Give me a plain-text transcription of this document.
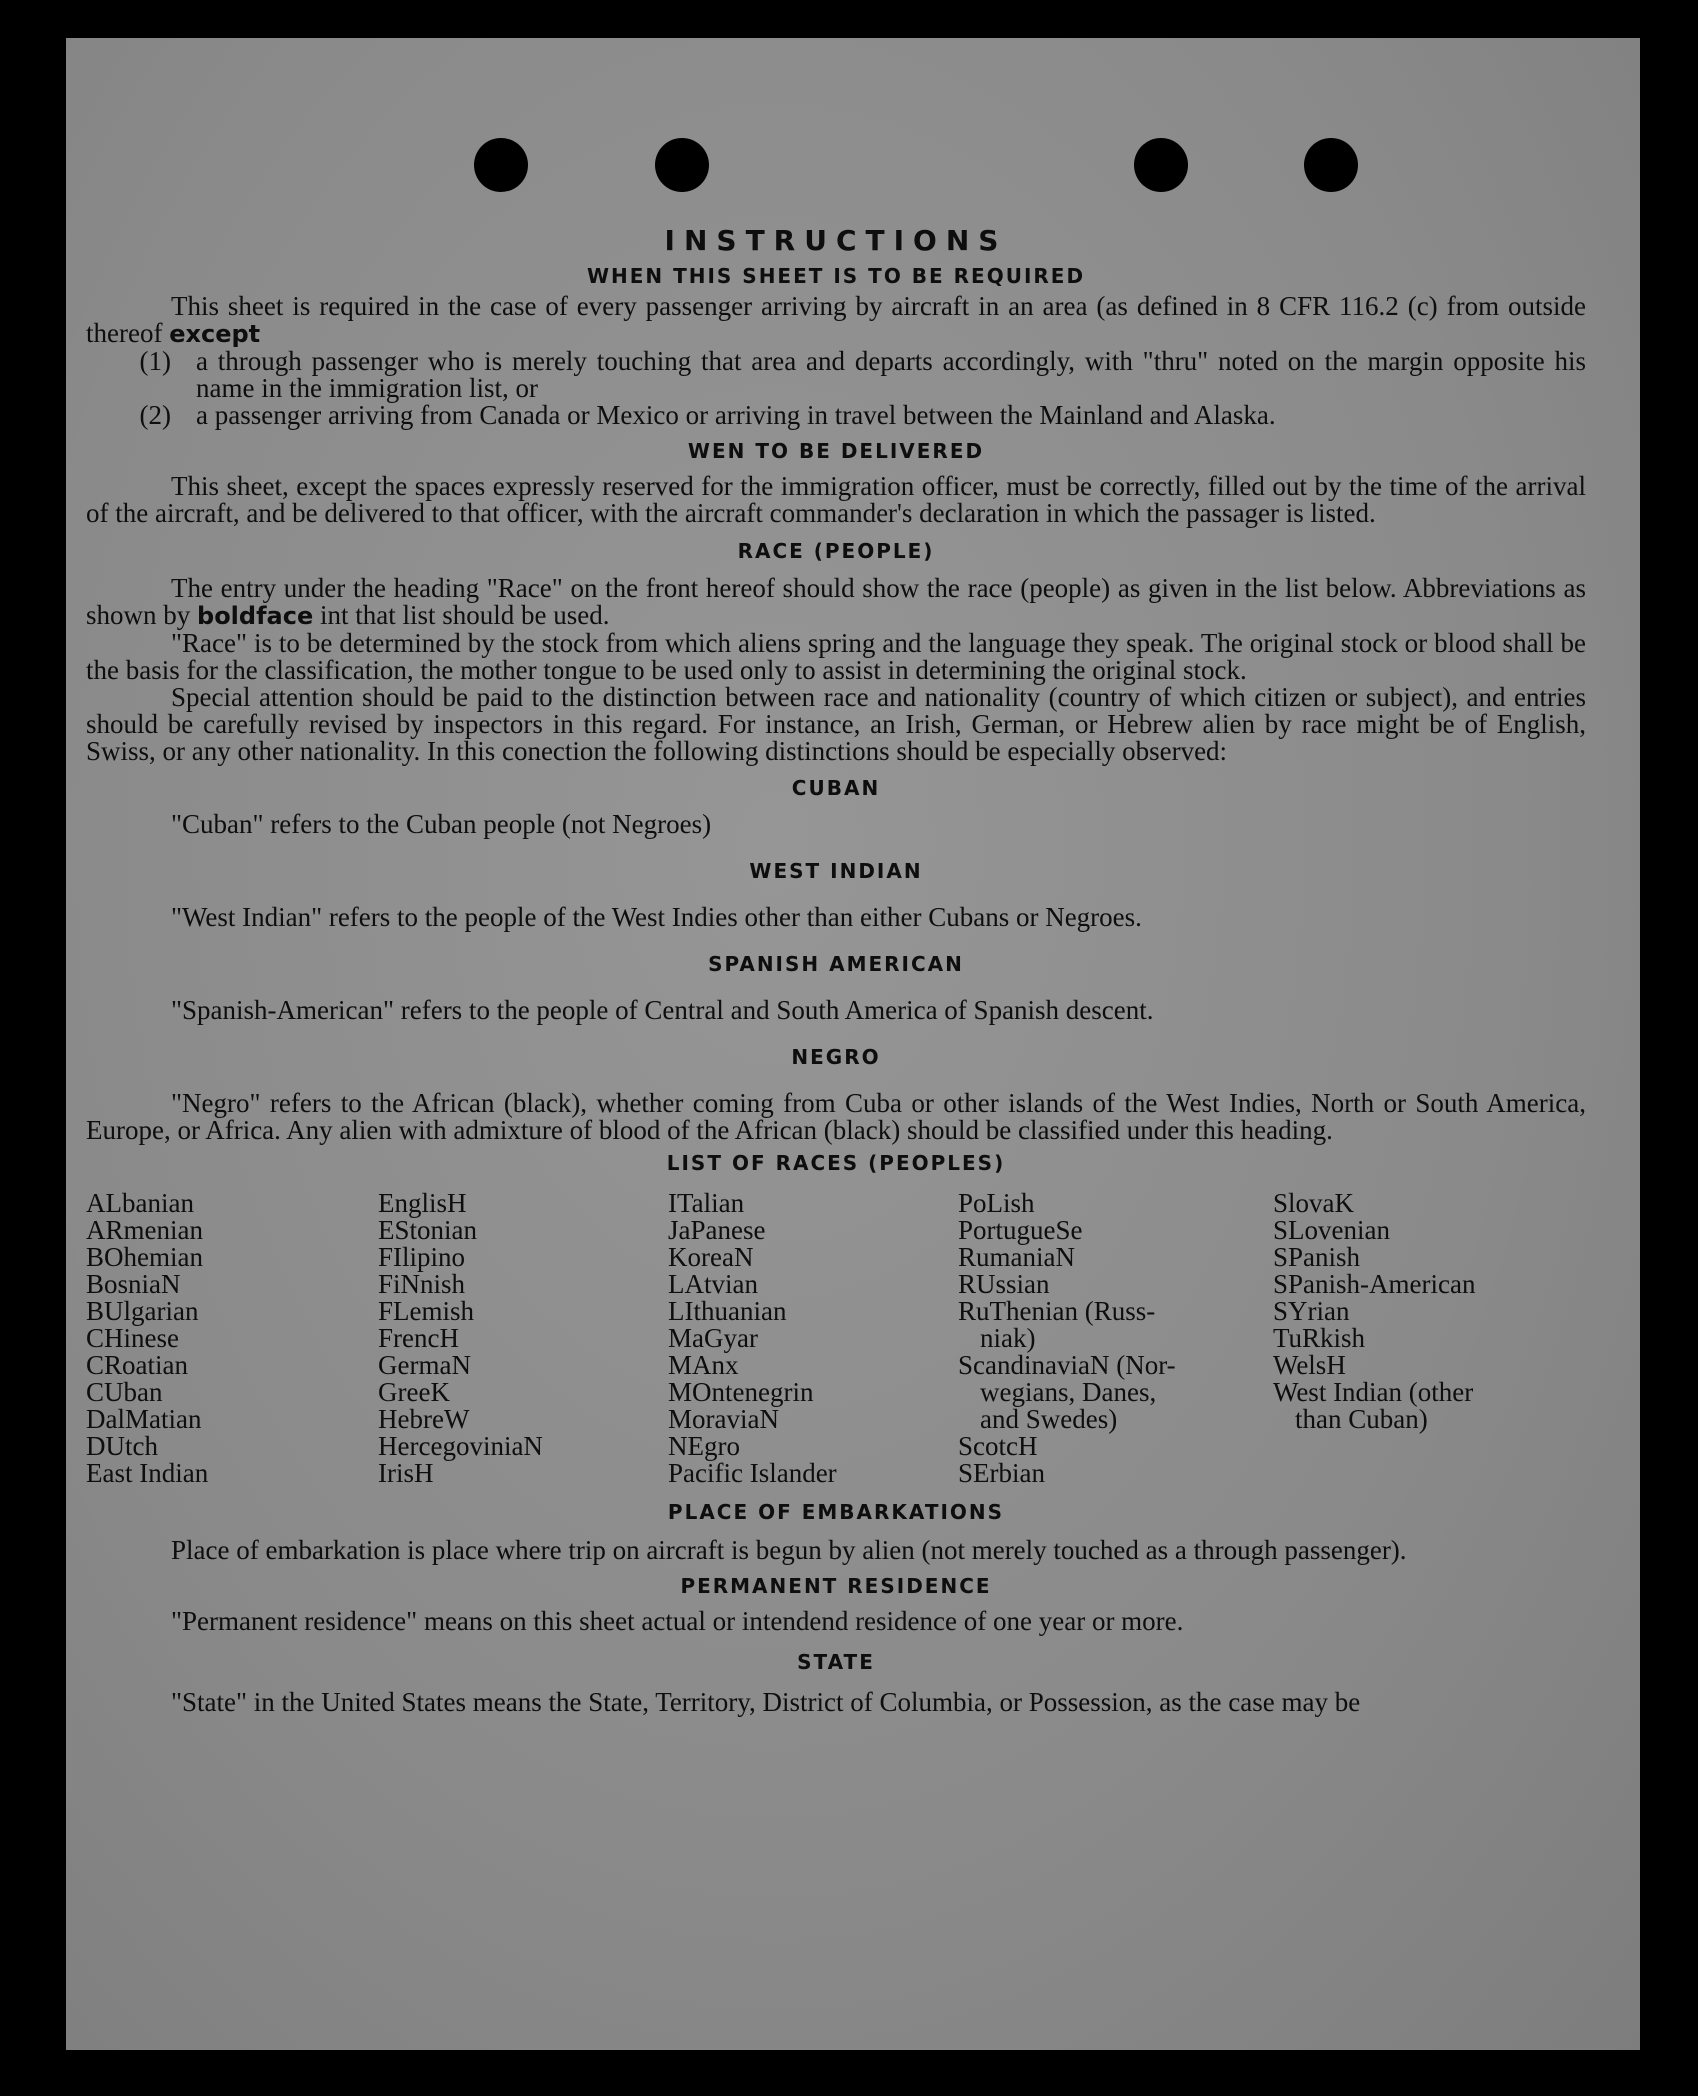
INSTRUCTIONS
WHEN THIS SHEET IS TO BE REQUIRED

This sheet is required in the case of every passenger arriving by aircraft in an area (as defined in 8 CFR 116.2 (c) from outside thereof except

(1) a through passenger who is merely touching that area and departs accordingly, with "thru" noted on the margin opposite his name in the immigration list, or
(2) a passenger arriving from Canada or Mexico or arriving in travel between the Mainland and Alaska.
WEN TO BE DELIVERED

This sheet, except the spaces expressly reserved for the immigration officer, must be correctly, filled out by the time of the arrival of the aircraft, and be delivered to that officer, with the aircraft commander's declaration in which the passager is listed.

RACE (PEOPLE)

The entry under the heading "Race" on the front hereof should show the race (people) as given in the list below. Abbreviations as shown by boldface int that list should be used.

"Race" is to be determined by the stock from which aliens spring and the language they speak. The original stock or blood shall be the basis for the classification, the mother tongue to be used only to assist in determining the original stock.

Special attention should be paid to the distinction between race and nationality (country of which citizen or subject), and entries should be carefully revised by inspectors in this regard. For instance, an Irish, German, or Hebrew alien by race might be of English, Swiss, or any other nationality. In this conection the following distinctions should be especially observed:

CUBAN

"Cuban" refers to the Cuban people (not Negroes)

WEST INDIAN

"West Indian" refers to the people of the West Indies other than either Cubans or Negroes.

SPANISH AMERICAN

"Spanish-American" refers to the people of Central and South America of Spanish descent.

NEGRO

"Negro" refers to the African (black), whether coming from Cuba or other islands of the West Indies, North or South America, Europe, or Africa. Any alien with admixture of blood of the African (black) should be classified under this heading.

LIST OF RACES (PEOPLES)
ALbanian
ARmenian
BOhemian
BosniaN
BUlgarian
CHinese
CRoatian
CUban
DalMatian
DUtch
East Indian
EnglisH
EStonian
FIlipino
FiNnish
FLemish
FrencH
GermaN
GreeK
HebreW
HercegoviniaN
IrisH
ITalian
JaPanese
KoreaN
LAtvian
LIthuanian
MaGyar
MAnx
MOntenegrin
MoraviaN
NEgro
Pacific Islander
PoLish
PortugueSe
RumaniaN
RUssian
RuThenian (Russ-
niak)
ScandinaviaN (Nor-
wegians, Danes,
and Swedes)
ScotcH
SErbian
SlovaK
SLovenian
SPanish
SPanish-American
SYrian
TuRkish
WelsH
West Indian (other
than Cuban)
PLACE OF EMBARKATIONS

Place of embarkation is place where trip on aircraft is begun by alien (not merely touched as a through passenger).

PERMANENT RESIDENCE

"Permanent residence" means on this sheet actual or intendend residence of one year or more.

STATE

"State" in the United States means the State, Territory, District of Columbia, or Possession, as the case may be
